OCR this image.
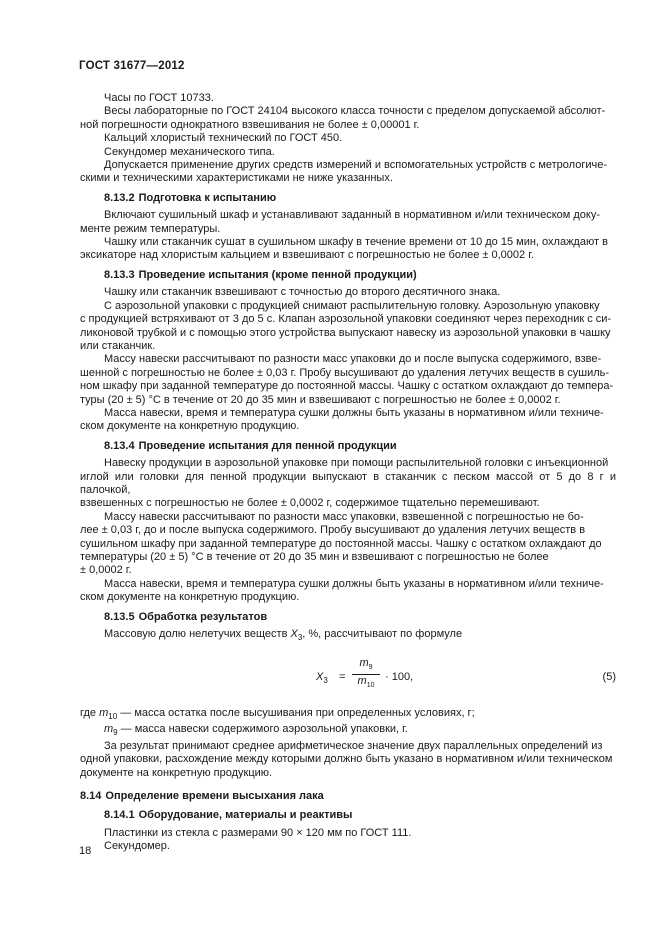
ГОСТ 31677—2012

Часы по ГОСТ 10733.

Весы лабораторные по ГОСТ 24104 высокого класса точности с пределом допускаемой абсолют-

ной погрешности однократного взвешивания не более ± 0,00001 г.

Кальций хлористый технический по ГОСТ 450.

Секундомер механического типа.

Допускается применение других средств измерений и вспомогательных устройств с метрологиче-

скими и техническими характеристиками не ниже указанных.

8.13.2 Подготовка к испытанию

Включают сушильный шкаф и устанавливают заданный в нормативном и/или техническом доку-

менте режим температуры.

Чашку или стаканчик сушат в сушильном шкафу в течение времени от 10 до 15 мин, охлаждают в

эксикаторе над хлористым кальцием и взвешивают с погрешностью не более ± 0,0002 г.

8.13.3 Проведение испытания (кроме пенной продукции)

Чашку или стаканчик взвешивают с точностью до второго десятичного знака.

С аэрозольной упаковки с продукцией снимают распылительную головку. Аэрозольную упаковку

с продукцией встряхивают от 3 до 5 с. Клапан аэрозольной упаковки соединяют через переходник с си-

ликоновой трубкой и с помощью этого устройства выпускают навеску из аэрозольной упаковки в чашку

или стаканчик.

Массу навески рассчитывают по разности масс упаковки до и после выпуска содержимого, взве-

шенной с погрешностью не более ± 0,03 г. Пробу высушивают до удаления летучих веществ в сушиль-

ном шкафу при заданной температуре до постоянной массы. Чашку с остатком охлаждают до темпера-

туры (20 ± 5) °С в течение от 20 до 35 мин и взвешивают с погрешностью не более ± 0,0002 г.

Масса навески, время и температура сушки должны быть указаны в нормативном и/или техниче-

ском документе на конкретную продукцию.

8.13.4 Проведение испытания для пенной продукции

Навеску продукции в аэрозольной упаковке при помощи распылительной головки с инъекционной

иглой или головки для пенной продукции выпускают в стаканчик с песком массой от 5 до 8 г и палочкой,

взвешенных с погрешностью не более ± 0,0002 г, содержимое тщательно перемешивают.

Массу навески рассчитывают по разности масс упаковки, взвешенной с погрешностью не бо-

лее ± 0,03 г, до и после выпуска содержимого. Пробу высушивают до удаления летучих веществ в

сушильном шкафу при заданной температуре до постоянной массы. Чашку с остатком охлаждают до

температуры (20 ± 5) °С в течение от 20 до 35 мин и взвешивают с погрешностью не более

± 0,0002 г.

Масса навески, время и температура сушки должны быть указаны в нормативном и/или техниче-

ском документе на конкретную продукцию.

8.13.5 Обработка результатов

Массовую долю нелетучих веществ $X_3$, %, рассчитывают по формуле

$X_3 = \frac{m_9}{m_{10}} \cdot 100$,	(5)

где $m_{10}$ — масса остатка после высушивания при определенных условиях, г;

$m_9$ — масса навески содержимого аэрозольной упаковки, г.

За результат принимают среднее арифметическое значение двух параллельных определений из

одной упаковки, расхождение между которыми должно быть указано в нормативном и/или техническом

документе на конкретную продукцию.

8.14 Определение времени высыхания лака

8.14.1 Оборудование, материалы и реактивы

Пластинки из стекла с размерами 90 × 120 мм по ГОСТ 111.

Секундомер.

18
